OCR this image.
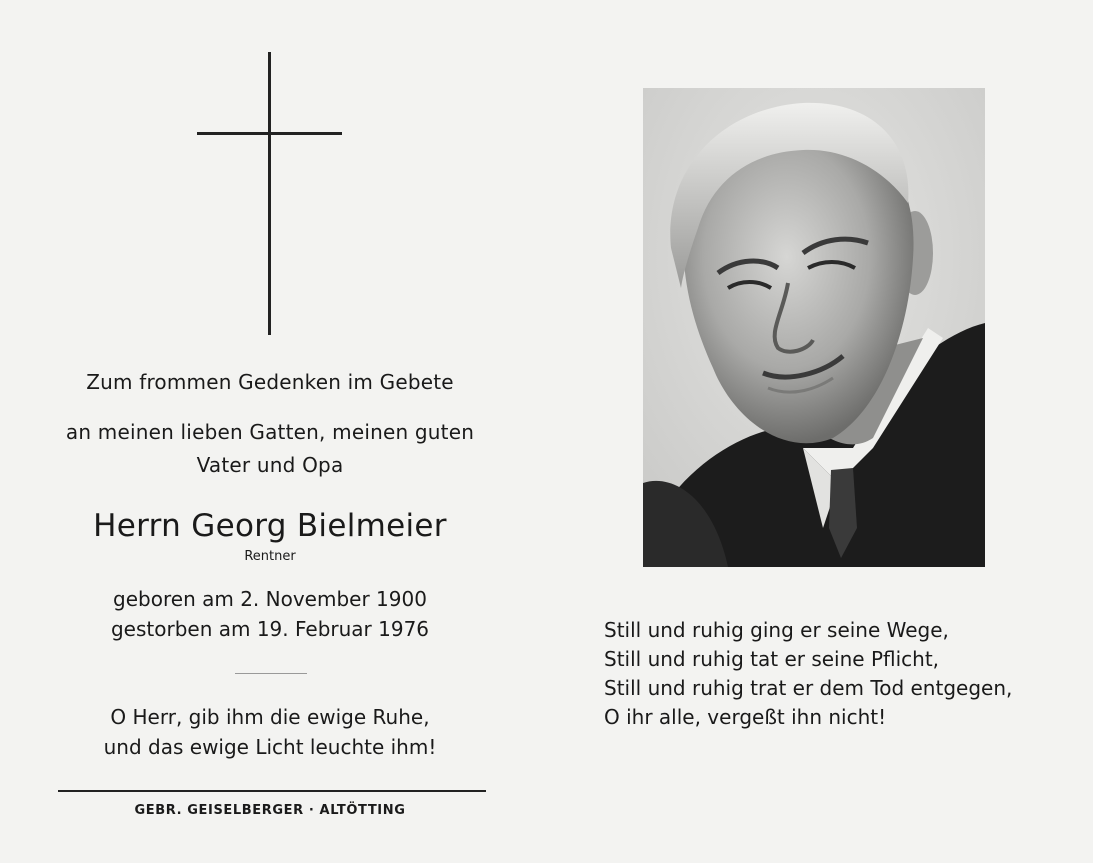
Zum frommen Gedenken im Gebete
an meinen lieben Gatten, meinen guten
Vater und Opa
Herrn Georg Bielmeier
Rentner
geboren am 2. November 1900
gestorben am 19. Februar 1976
O Herr, gib ihm die ewige Ruhe,
und das ewige Licht leuchte ihm!
GEBR. GEISELBERGER · ALTÖTTING
Still und ruhig ging er seine Wege,
Still und ruhig tat er seine Pflicht,
Still und ruhig trat er dem Tod entgegen,
O ihr alle, vergeßt ihn nicht!
